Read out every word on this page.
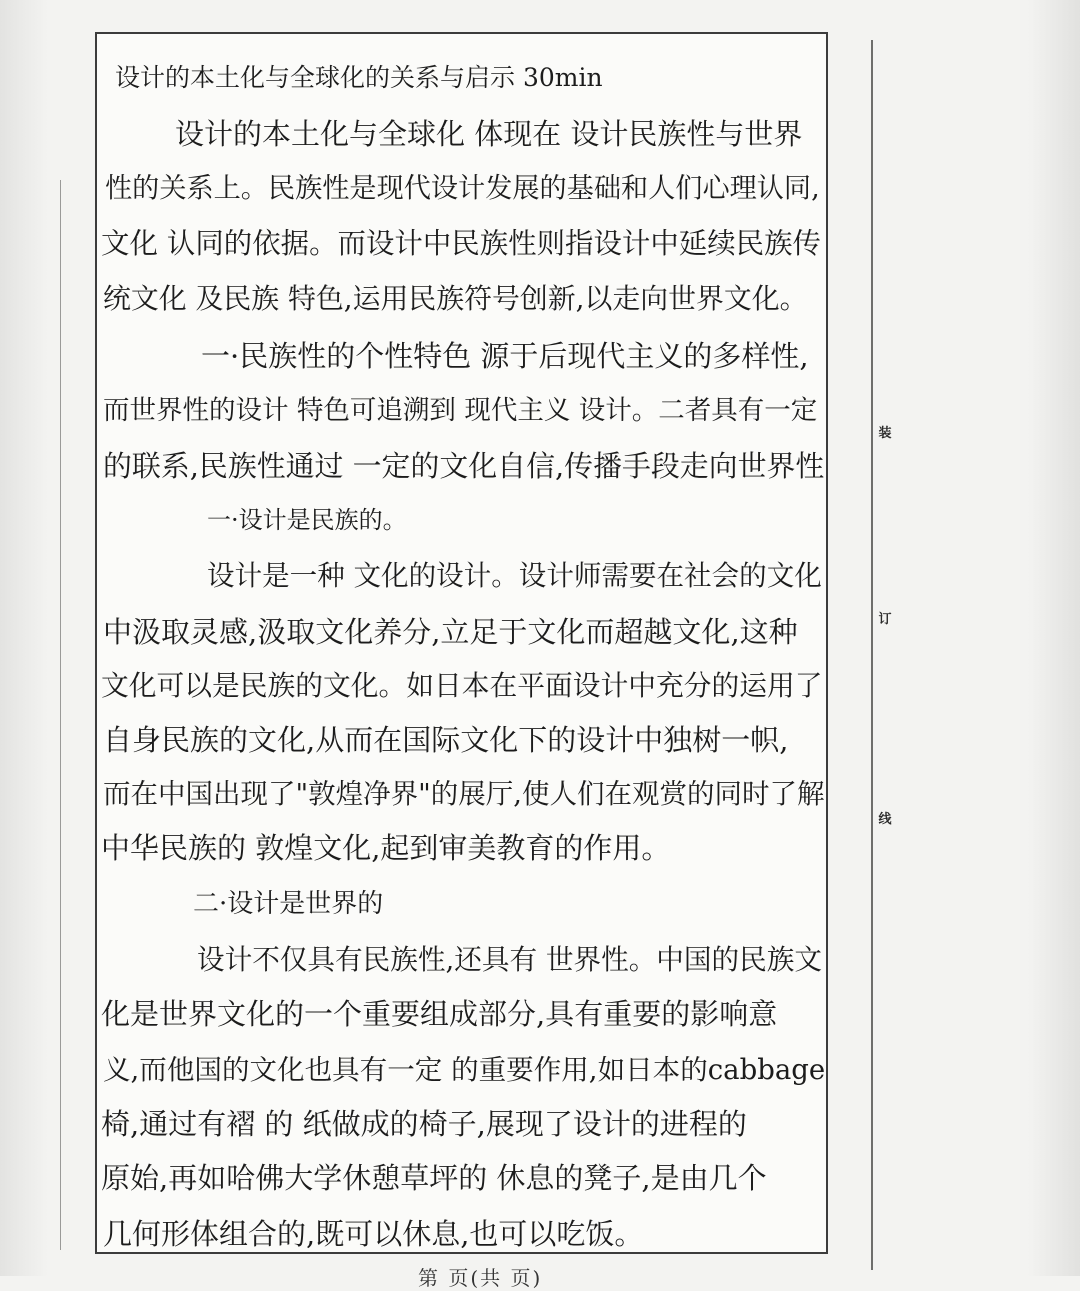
设计的本土化与全球化的关系与启示 30min
设计的本土化与全球化 体现在 设计民族性与世界
性的关系上。民族性是现代设计发展的基础和人们心理认同,
文化 认同的依据。而设计中民族性则指设计中延续民族传
统文化 及民族 特色,运用民族符号创新,以走向世界文化。
一·民族性的个性特色 源于后现代主义的多样性,
而世界性的设计 特色可追溯到 现代主义 设计。二者具有一定
的联系,民族性通过 一定的文化自信,传播手段走向世界性
一·设计是民族的。
设计是一种 文化的设计。设计师需要在社会的文化
中汲取灵感,汲取文化养分,立足于文化而超越文化,这种
文化可以是民族的文化。如日本在平面设计中充分的运用了
自身民族的文化,从而在国际文化下的设计中独树一帜,
而在中国出现了"敦煌净界"的展厅,使人们在观赏的同时了解
中华民族的 敦煌文化,起到审美教育的作用。
二·设计是世界的
设计不仅具有民族性,还具有 世界性。中国的民族文
化是世界文化的一个重要组成部分,具有重要的影响意
义,而他国的文化也具有一定 的重要作用,如日本的cabbage
椅,通过有褶 的 纸做成的椅子,展现了设计的进程的
原始,再如哈佛大学休憩草坪的 休息的凳子,是由几个
几何形体组合的,既可以休息,也可以吃饭。
装
订
线
第 页(共 页)
